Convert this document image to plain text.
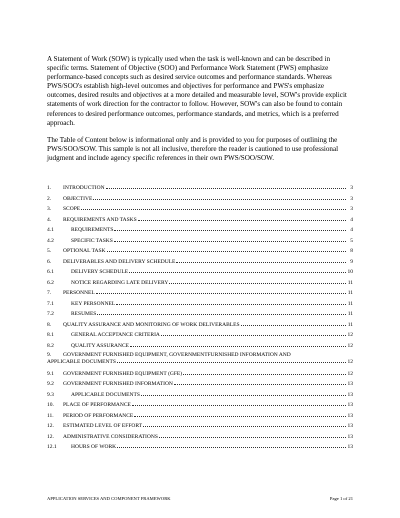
A Statement of Work (SOW) is typically used when the task is well-known and can be described in specific terms. Statement of Objective (SOO) and Performance Work Statement (PWS) emphasize performance-based concepts such as desired service outcomes and performance standards. Whereas PWS/SOO's establish high-level outcomes and objectives for performance and PWS's emphasize outcomes, desired results and objectives at a more detailed and measurable level, SOW's provide explicit statements of work direction for the contractor to follow. However, SOW's can also be found to contain references to desired performance outcomes, performance standards, and metrics, which is a preferred approach.

The Table of Content below is informational only and is provided to you for purposes of outlining the PWS/SOO/SOW. This sample is not all inclusive, therefore the reader is cautioned to use professional judgment and include agency specific references in their own PWS/SOO/SOW.

1.	INTRODUCTION	3
2.	OBJECTIVE	3
3.	SCOPE	3
4.	REQUIREMENTS AND TASKS	4
4.1	REQUIREMENTS	4
4.2	SPECIFIC TASKS	5
5.	OPTIONAL TASK	8
6.	DELIVERABLES AND DELIVERY SCHEDULE	9
6.1	DELIVERY SCHEDULE	10
6.2	NOTICE REGARDING LATE DELIVERY	11
7.	PERSONNEL	11
7.1	KEY PERSONNEL	11
7.2	RESUMES	11
8.	QUALITY ASSURANCE AND MONITORING OF WORK DELIVERABLES	11
8.1	GENERAL ACCEPTANCE CRITERIA	12
8.2	QUALITY ASSURANCE	12
9.	GOVERNMENT FURNISHED EQUIPMENT, GOVERNMENTFURNISHED INFORMATION AND
APPLICABLE DOCUMENTS	12
9.1	GOVERNMENT FURNISHED EQUIPMENT (GFE)	12
9.2	GOVERNMENT FURNISHED INFORMATION	13
9.3	APPLICABLE DOCUMENTS	13
10.	PLACE OF PERFORMANCE	13
11.	PERIOD OF PERFORMANCE	13
12.	ESTIMATED LEVEL OF EFFORT	13
12.	ADMINISTRATIVE CONSIDERATIONS	13
12.1	HOURS OF WORK	13
APPLICATION SERVICES AND COMPONENT FRAMEWORK	Page 1 of 21
